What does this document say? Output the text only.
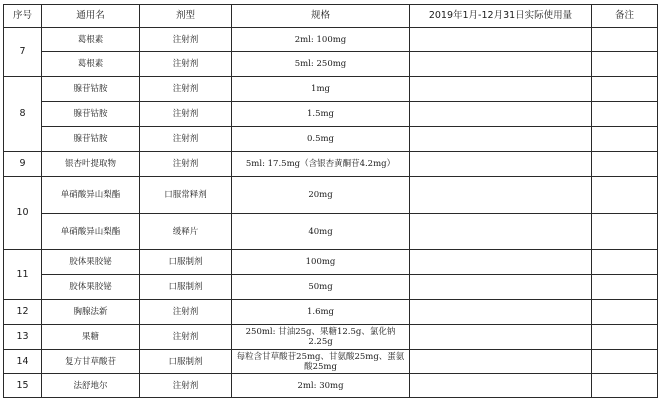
序号	通用名	剂型	规格	2019年1月-12月31日实际使用量	备注
7	葛根素	注射剂	2ml: 100mg		
	葛根素	注射剂	5ml: 250mg		
8	腺苷钴胺	注射剂	1mg		
	腺苷钴胺	注射剂	1.5mg		
	腺苷钴胺	注射剂	0.5mg		
9	银杏叶提取物	注射剂	5ml: 17.5mg（含银杏黄酮苷4.2mg）		
10	单硝酸异山梨酯	口服常释剂	20mg		
	单硝酸异山梨酯	缓释片	40mg		
11	胶体果胶铋	口服制剂	100mg		
	胶体果胶铋	口服制剂	50mg		
12	胸腺法新	注射剂	1.6mg		
13	果糖	注射剂	250ml: 甘油25g、果糖12.5g、氯化钠2.25g		
14	复方甘草酸苷	口服制剂	每粒含甘草酸苷25mg、甘氨酸25mg、蛋氨酸25mg		
15	法舒地尔	注射剂	2ml: 30mg		
